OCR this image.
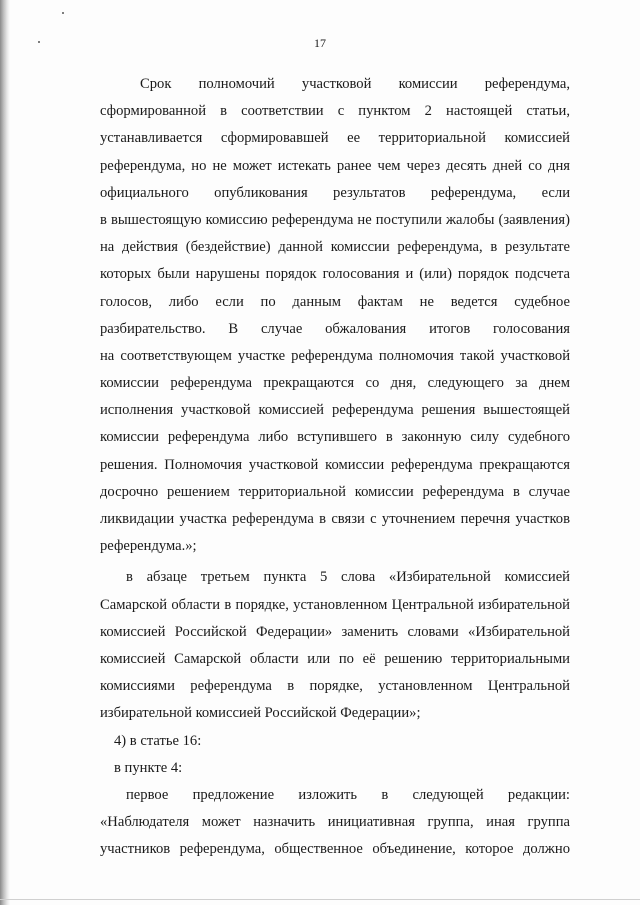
17
Срок полномочий участковой комиссии референдума,
сформированной в соответствии с пунктом 2 настоящей статьи,
устанавливается сформировавшей ее территориальной комиссией
референдума, но не может истекать ранее чем через десять дней со дня
официального опубликования результатов референдума, если
в вышестоящую комиссию референдума не поступили жалобы (заявления)
на действия (бездействие) данной комиссии референдума, в результате
которых были нарушены порядок голосования и (или) порядок подсчета
голосов, либо если по данным фактам не ведется судебное
разбирательство. В случае обжалования итогов голосования
на соответствующем участке референдума полномочия такой участковой
комиссии референдума прекращаются со дня, следующего за днем
исполнения участковой комиссией референдума решения вышестоящей
комиссии референдума либо вступившего в законную силу судебного
решения. Полномочия участковой комиссии референдума прекращаются
досрочно решением территориальной комиссии референдума в случае
ликвидации участка референдума в связи с уточнением перечня участков
референдума.»;
в абзаце третьем пункта 5 слова «Избирательной комиссией
Самарской области в порядке, установленном Центральной избирательной
комиссией Российской Федерации» заменить словами «Избирательной
комиссией Самарской области или по её решению территориальными
комиссиями референдума в порядке, установленном Центральной
избирательной комиссией Российской Федерации»;
4) в статье 16:
в пункте 4:
первое предложение изложить в следующей редакции:
«Наблюдателя может назначить инициативная группа, иная группа
участников референдума, общественное объединение, которое должно
